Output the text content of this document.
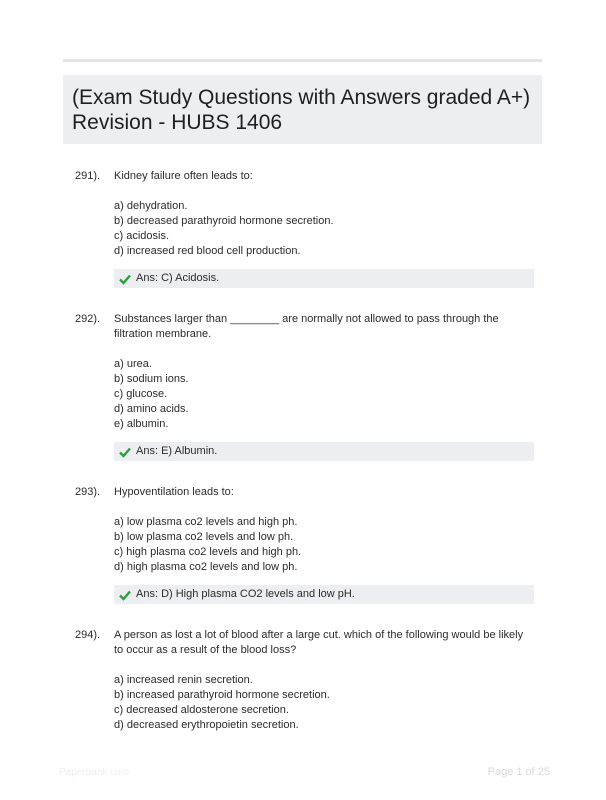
(Exam Study Questions with Answers graded A+)
Revision - HUBS 1406
291). Kidney failure often leads to:

a) dehydration.
b) decreased parathyroid hormone secretion.
c) acidosis.
d) increased red blood cell production.
Ans: C) Acidosis.
292). Substances larger than ________ are normally not allowed to pass through the filtration membrane.

a) urea.
b) sodium ions.
c) glucose.
d) amino acids.
e) albumin.
Ans: E) Albumin.
293). Hypoventilation leads to:

a) low plasma co2 levels and high ph.
b) low plasma co2 levels and low ph.
c) high plasma co2 levels and high ph.
d) high plasma co2 levels and low ph.
Ans: D) High plasma CO2 levels and low pH.
294). A person as lost a lot of blood after a large cut. which of the following would be likely to occur as a result of the blood loss?

a) increased renin secretion.
b) increased parathyroid hormone secretion.
c) decreased aldosterone secretion.
d) decreased erythropoietin secretion.
Paperbank.com	Page 1 of 25
